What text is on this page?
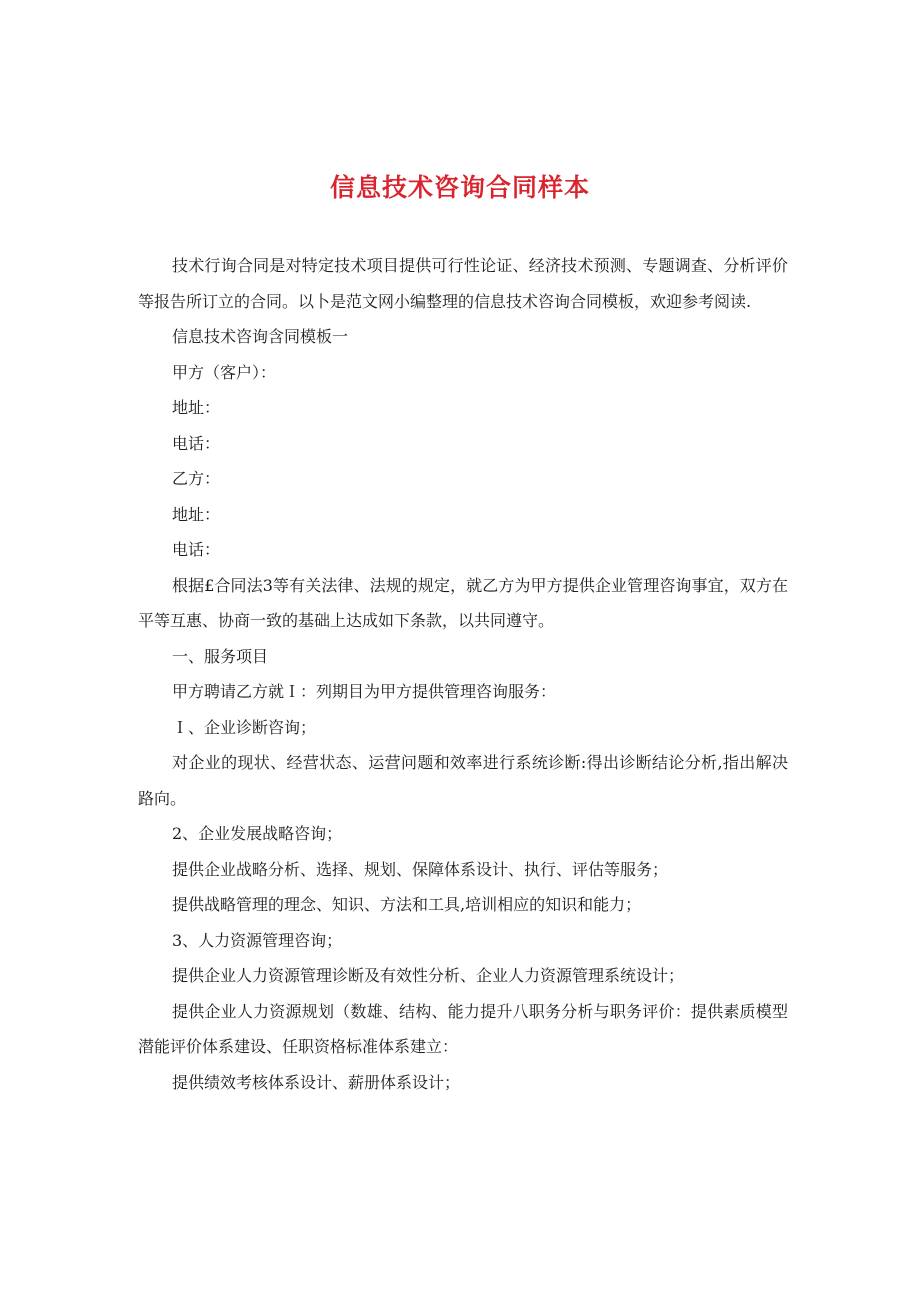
信息技术咨询合同样本

技术行询合同是对特定技术项目提供可行性论证、经济技术预测、专题调查、分析评价等报告所订立的合同。以卜是范文网小编整理的信息技术咨询合同模板，欢迎参考阅读.

信息技术咨询含同模板一

甲方（客户）：

地址：

电话：

乙方：

地址：

电话：

根据£合同法3等有关法律、法规的规定，就乙方为甲方提供企业管理咨询事宜，双方在平等互惠、协商一致的基础上达成如下条款，以共同遵守。

一、服务项目

甲方聘请乙方就Ｉ：列期目为甲方提供管理咨询服务：

Ｉ、企业诊断咨询；

对企业的现状、经营状态、运营问题和效率进行系统诊断:得出诊断结论分析,指出解决路向。

2、企业发展战略咨询；

提供企业战略分析、选择、规划、保障体系设计、执行、评估等服务；

提供战略管理的理念、知识、方法和工具,培训相应的知识和能力；

3、人力资源管理咨询；

提供企业人力资源管理诊断及有效性分析、企业人力资源管理系统设计；

提供企业人力资源规划（数雄、结构、能力提升八职务分析与职务评价：提供素质模型潜能评价体系建设、任职资格标准体系建立：

提供绩效考核体系设计、薪册体系设计；
